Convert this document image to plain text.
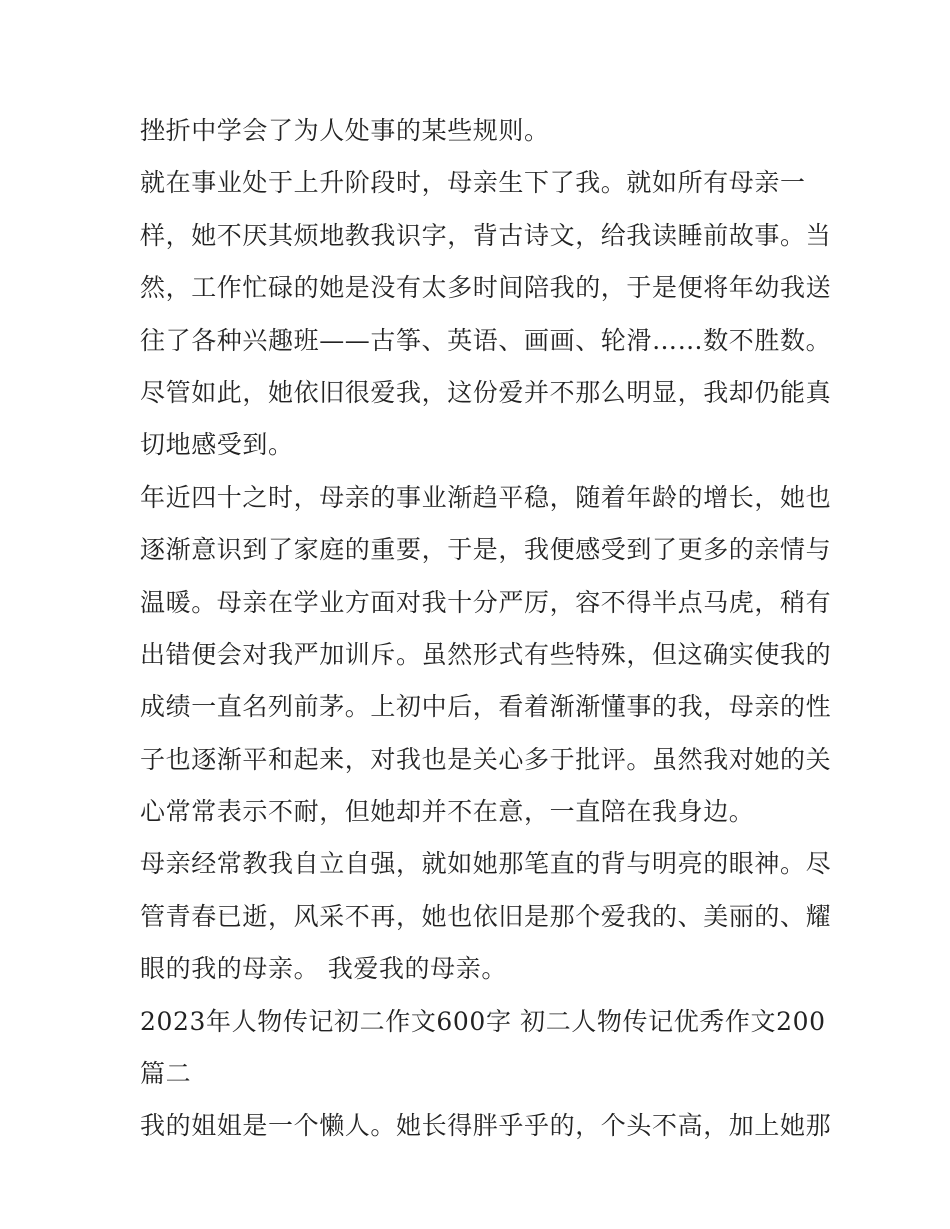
挫折中学会了为人处事的某些规则。
就在事业处于上升阶段时，母亲生下了我。就如所有母亲一
样，她不厌其烦地教我识字，背古诗文，给我读睡前故事。当
然，工作忙碌的她是没有太多时间陪我的，于是便将年幼我送
往了各种兴趣班——古筝、英语、画画、轮滑……数不胜数。
尽管如此，她依旧很爱我，这份爱并不那么明显，我却仍能真
切地感受到。
年近四十之时，母亲的事业渐趋平稳，随着年龄的增长，她也
逐渐意识到了家庭的重要，于是，我便感受到了更多的亲情与
温暖。母亲在学业方面对我十分严厉，容不得半点马虎，稍有
出错便会对我严加训斥。虽然形式有些特殊，但这确实使我的
成绩一直名列前茅。上初中后，看着渐渐懂事的我，母亲的性
子也逐渐平和起来，对我也是关心多于批评。虽然我对她的关
心常常表示不耐，但她却并不在意，一直陪在我身边。
母亲经常教我自立自强，就如她那笔直的背与明亮的眼神。尽
管青春已逝，风采不再，她也依旧是那个爱我的、美丽的、耀
眼的我的母亲。 我爱我的母亲。
2023年人物传记初二作文600字 初二人物传记优秀作文200
篇二
我的姐姐是一个懒人。她长得胖乎乎的，个头不高，加上她那
